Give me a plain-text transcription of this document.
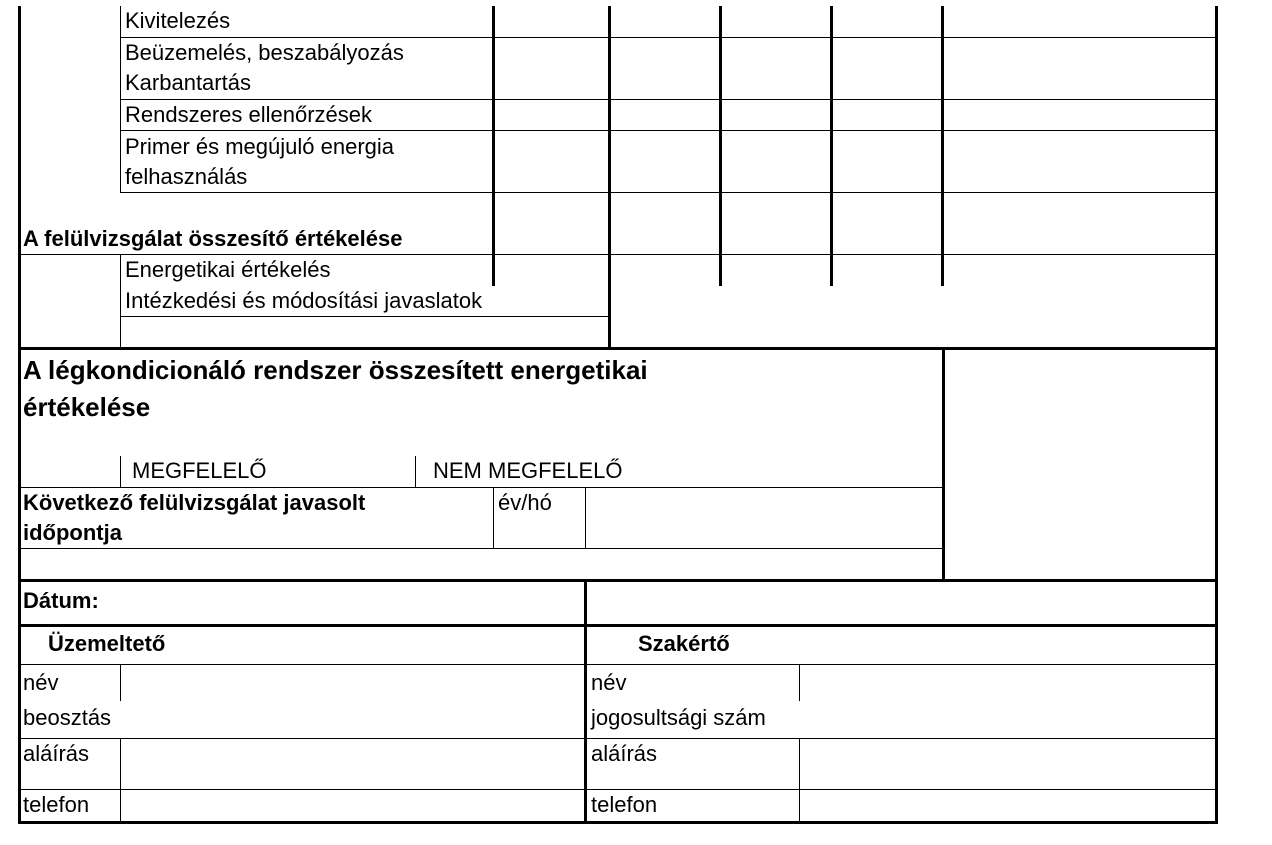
Kivitelezés
Beüzemelés, beszabályozás
Karbantartás
Rendszeres ellenőrzések
Primer és megújuló energia
felhasználás
A felülvizsgálat összesítő értékelése
Energetikai értékelés
Intézkedési és módosítási javaslatok
A légkondicionáló rendszer összesített energetikai
értékelése
MEGFELELŐ	NEM MEGFELELŐ
Következő felülvizsgálat javasolt
időpontja
év/hó
Dátum:
Üzemeltető
név
beosztás
aláírás
telefon
Szakértő
név
jogosultsági szám
aláírás
telefon
